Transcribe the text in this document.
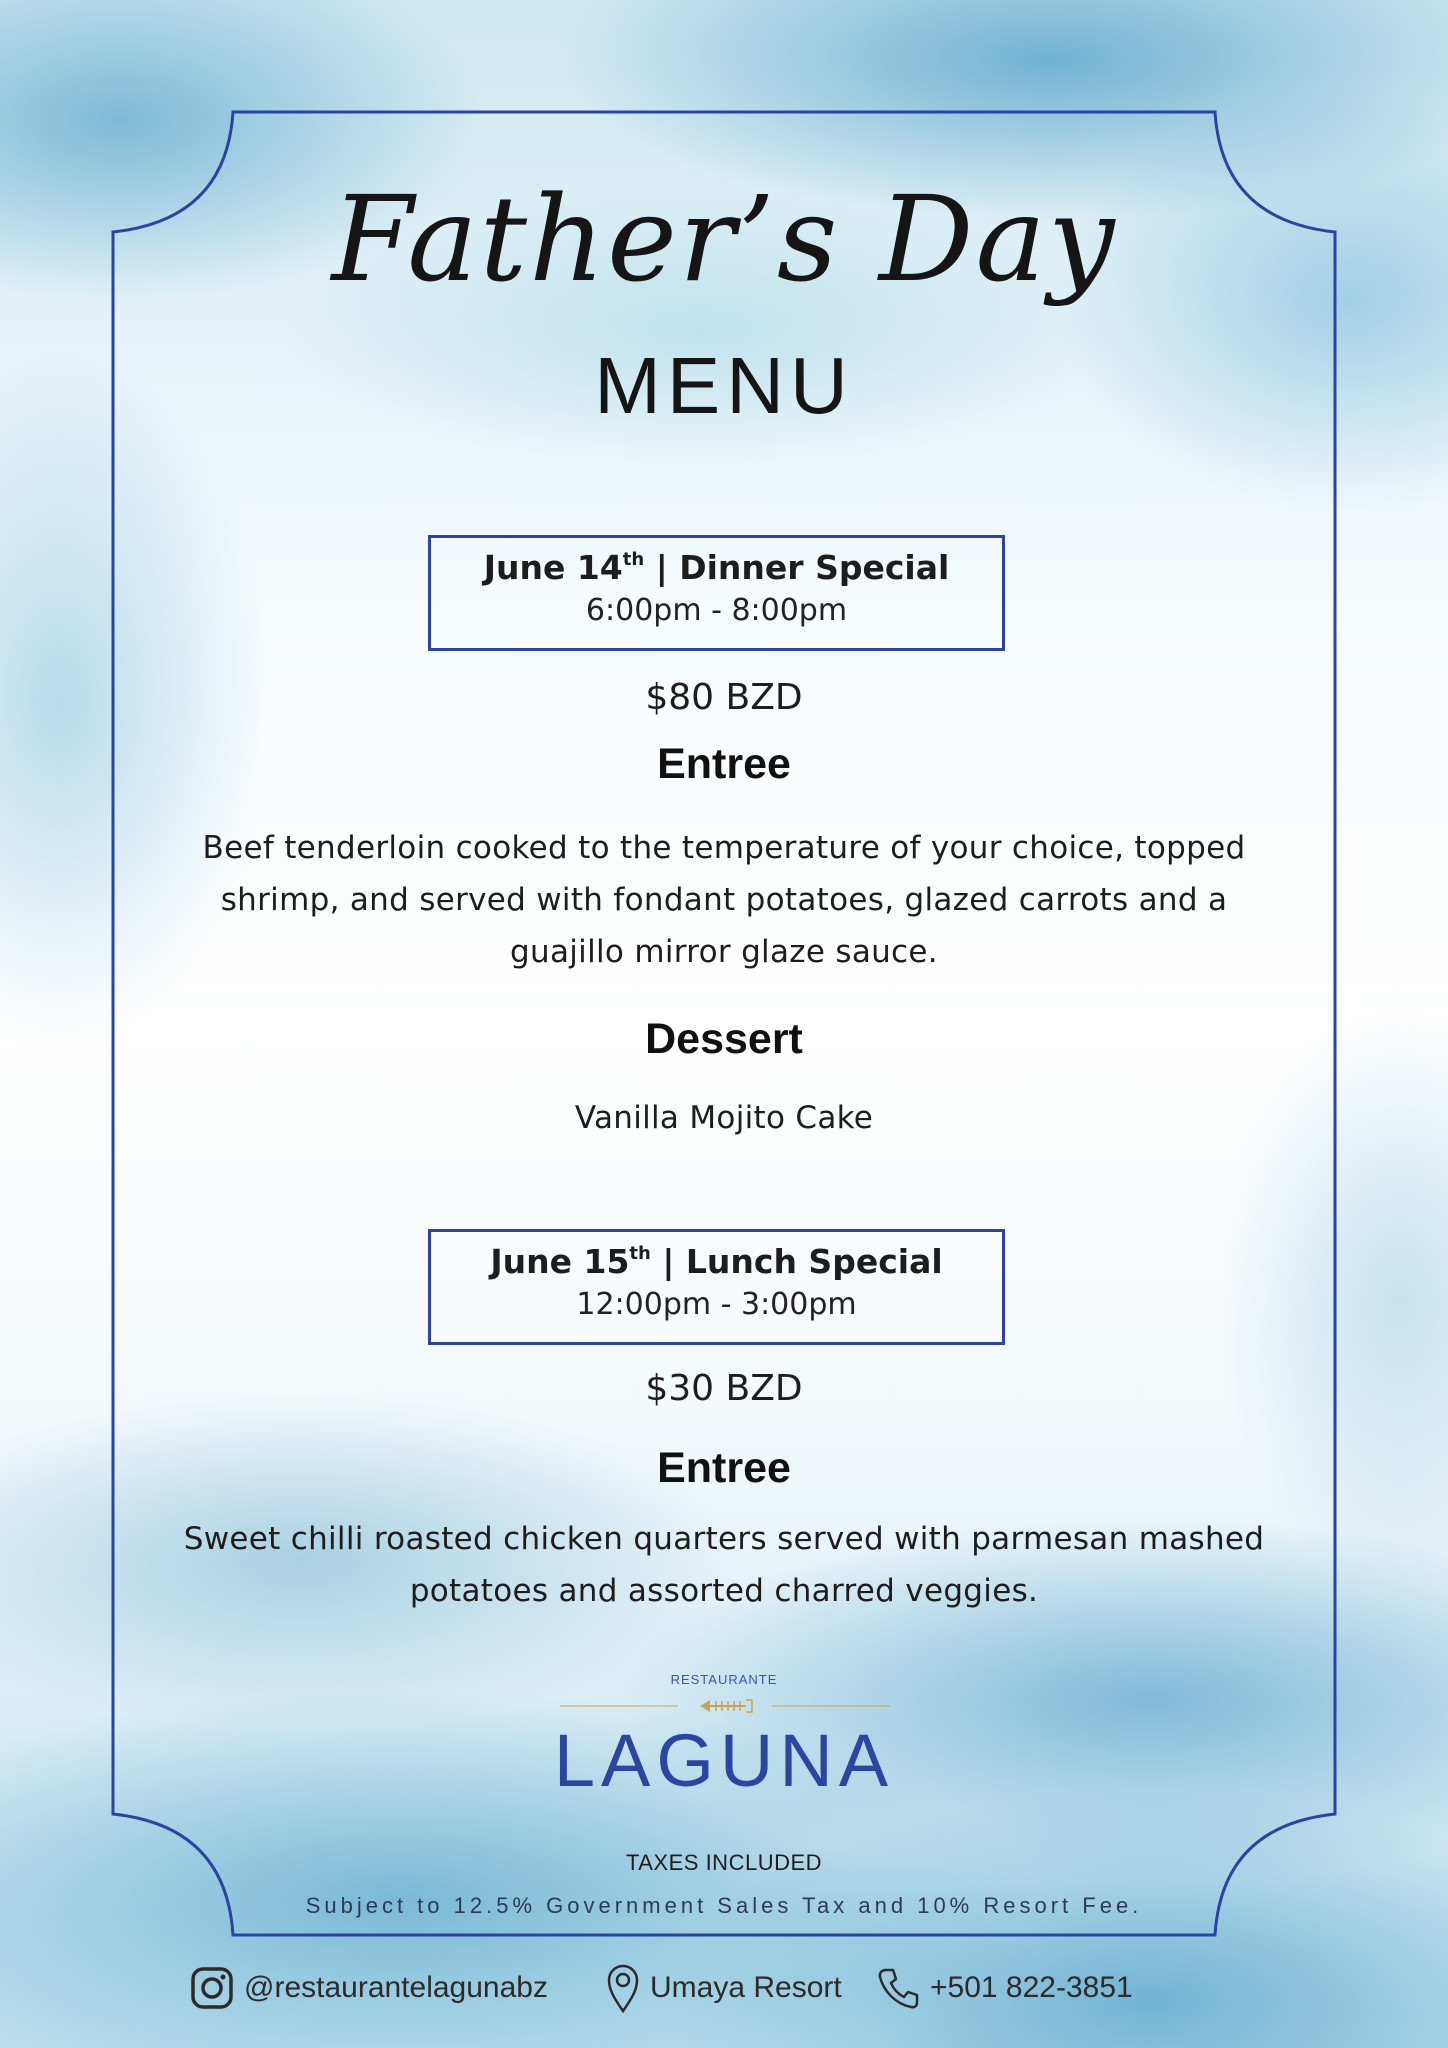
Father’s Day
MENU
June 14th | Dinner Special
6:00pm - 8:00pm
$80 BZD
Entree
Beef tenderloin cooked to the temperature of your choice, topped
shrimp, and served with fondant potatoes, glazed carrots and a
guajillo mirror glaze sauce.
Dessert
Vanilla Mojito Cake
June 15th | Lunch Special
12:00pm - 3:00pm
$30 BZD
Entree
Sweet chilli roasted chicken quarters served with parmesan mashed
potatoes and assorted charred veggies.
RESTAURANTE
LAGUNA
TAXES INCLUDED
Subject to 12.5% Government Sales Tax and 10% Resort Fee.
@restaurantelagunabz	Umaya Resort	+501 822-3851
